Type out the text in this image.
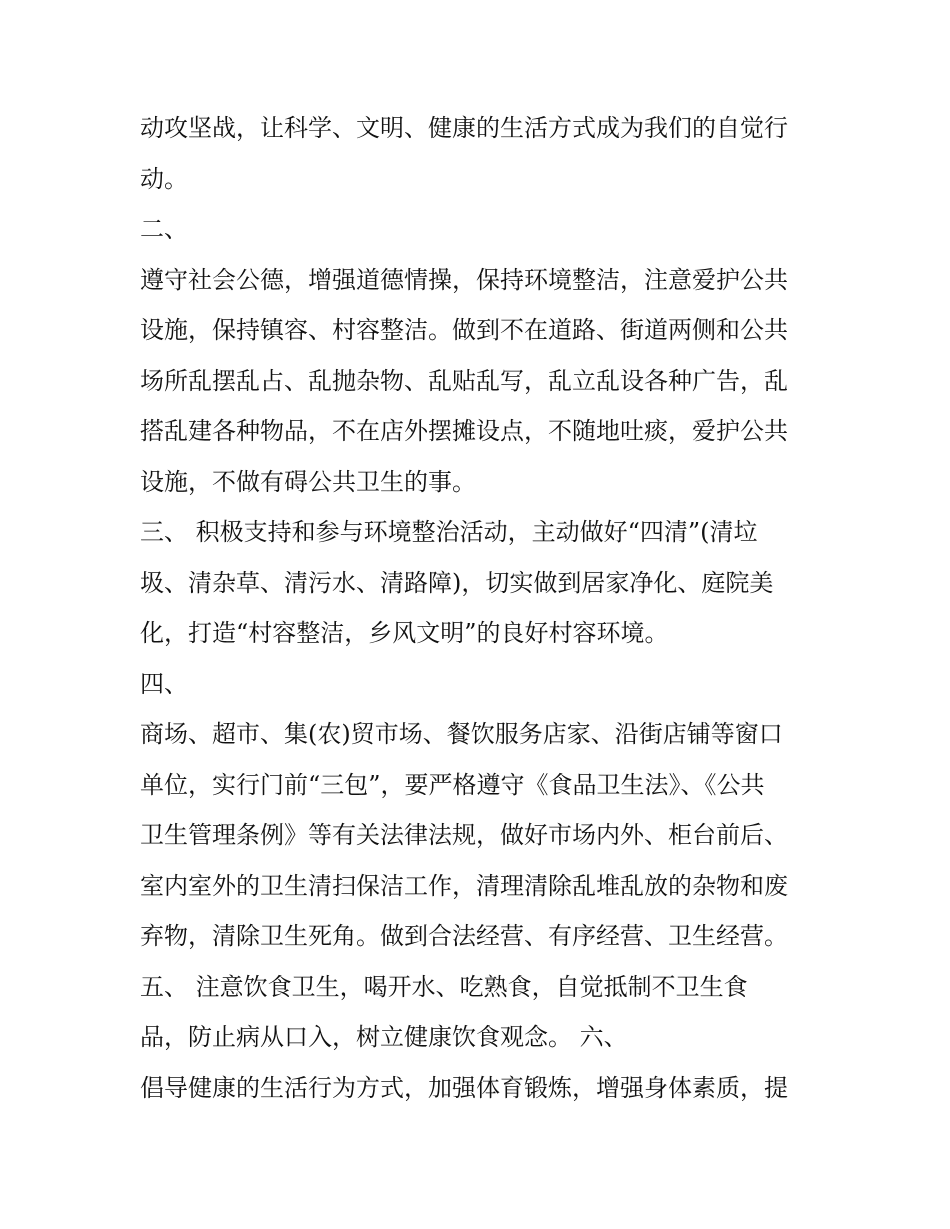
动攻坚战，让科学、文明、健康的生活方式成为我们的自觉行

动。

二、

遵守社会公德，增强道德情操，保持环境整洁，注意爱护公共

设施，保持镇容、村容整洁。做到不在道路、街道两侧和公共

场所乱摆乱占、乱抛杂物、乱贴乱写，乱立乱设各种广告，乱

搭乱建各种物品，不在店外摆摊设点，不随地吐痰，爱护公共

设施，不做有碍公共卫生的事。

三、 积极支持和参与环境整治活动，主动做好“四清”(清垃

圾、清杂草、清污水、清路障)，切实做到居家净化、庭院美

化，打造“村容整洁，乡风文明”的良好村容环境。

四、

商场、超市、集(农)贸市场、餐饮服务店家、沿街店铺等窗口

单位，实行门前“三包”，要严格遵守《食品卫生法》、《公共

卫生管理条例》等有关法律法规，做好市场内外、柜台前后、

室内室外的卫生清扫保洁工作，清理清除乱堆乱放的杂物和废

弃物，清除卫生死角。做到合法经营、有序经营、卫生经营。

五、 注意饮食卫生，喝开水、吃熟食，自觉抵制不卫生食

品，防止病从口入，树立健康饮食观念。 六、

倡导健康的生活行为方式，加强体育锻炼，增强身体素质，提
